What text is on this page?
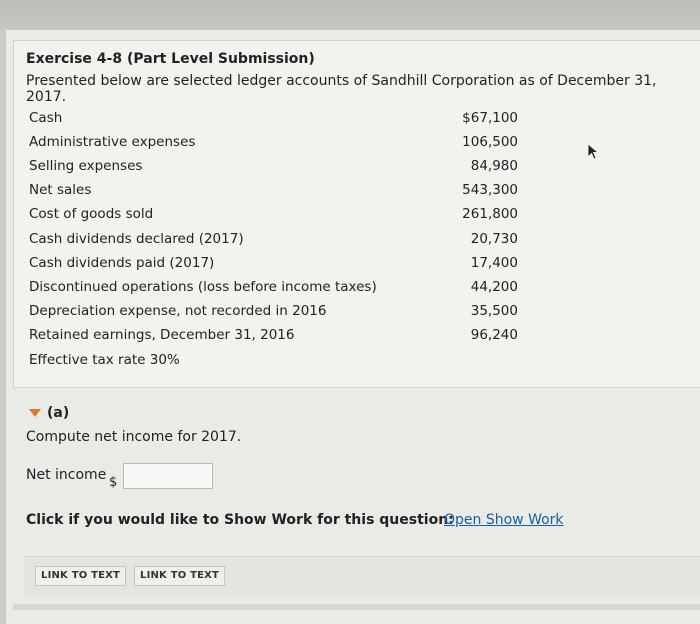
Exercise 4-8 (Part Level Submission)
Presented below are selected ledger accounts of Sandhill Corporation as of December 31, 2017.
Cash	$67,100
Administrative expenses	106,500
Selling expenses	84,980
Net sales	543,300
Cost of goods sold	261,800
Cash dividends declared (2017)	20,730
Cash dividends paid (2017)	17,400
Discontinued operations (loss before income taxes)	44,200
Depreciation expense, not recorded in 2016	35,500
Retained earnings, December 31, 2016	96,240
Effective tax rate 30%
(a)
Compute net income for 2017.
Net income $
Click if you would like to Show Work for this question:
Open Show Work
LINK TO TEXT	LINK TO TEXT
